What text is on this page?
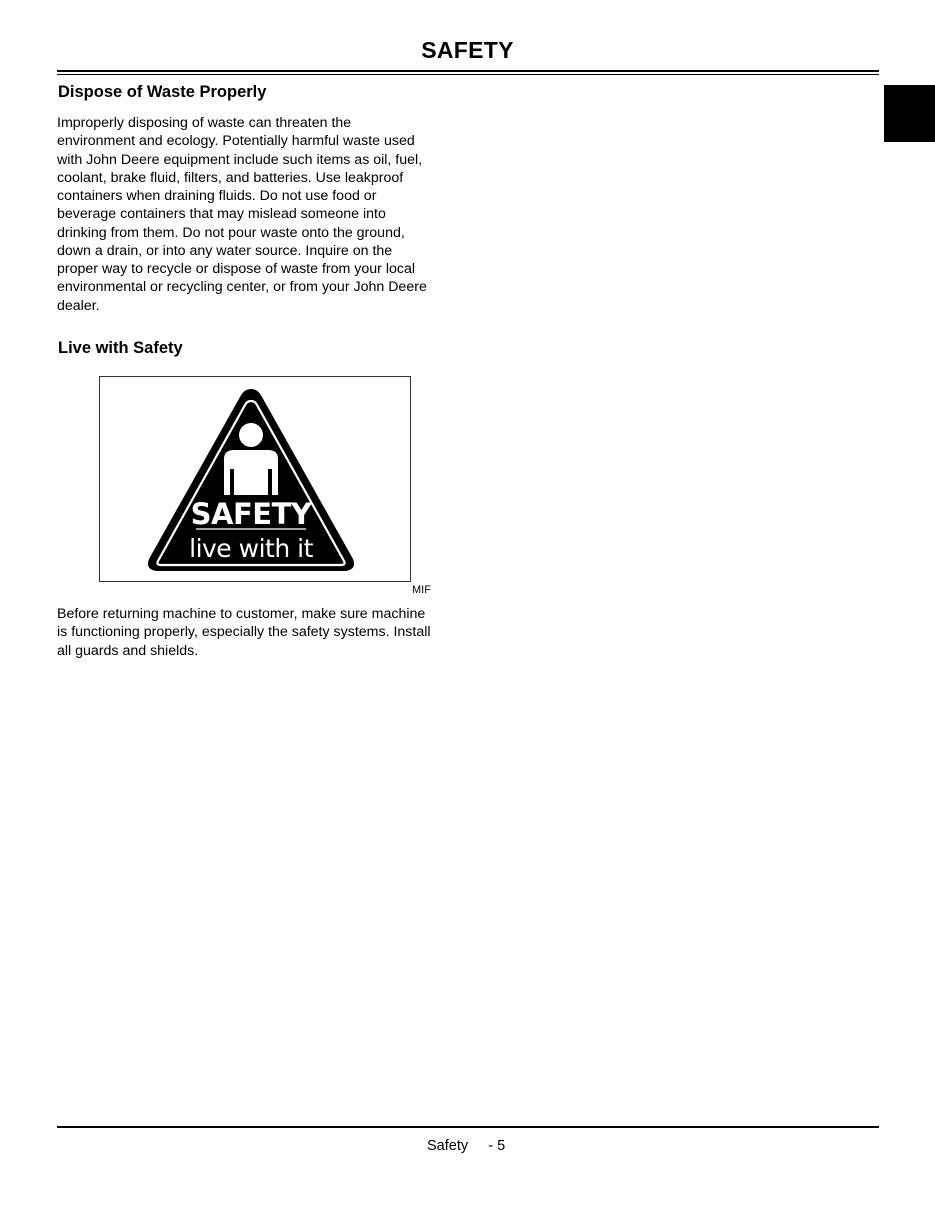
SAFETY
Dispose of Waste Properly

Improperly disposing of waste can threaten the
environment and ecology. Potentially harmful waste used
with John Deere equipment include such items as oil, fuel,
coolant, brake fluid, filters, and batteries. Use leakproof
containers when draining fluids. Do not use food or
beverage containers that may mislead someone into
drinking from them. Do not pour waste onto the ground,
down a drain, or into any water source. Inquire on the
proper way to recycle or dispose of waste from your local
environmental or recycling center, or from your John Deere
dealer.

Live with Safety
SAFETY
live with it
MIF

Before returning machine to customer, make sure machine
is functioning properly, especially the safety systems. Install
all guards and shields.

Safety - 5
